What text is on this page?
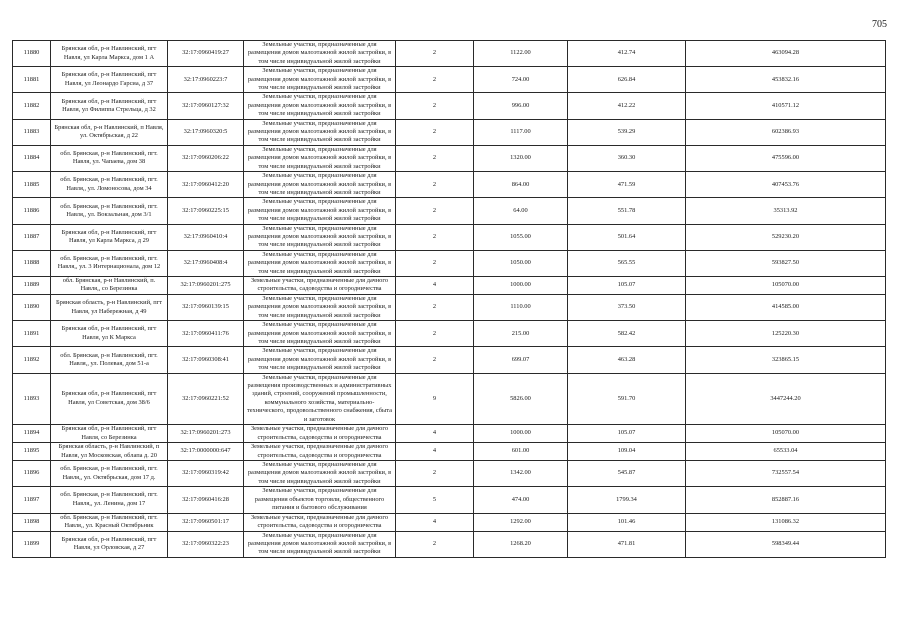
705
11880	Брянская обл, р-н Навлинский, пгт Навля, ул Карла Маркса, дом 1 А	32:17:0960419:27	Земельные участки, предназначенные для размещения домов малоэтажной жилой застройки, в том числе индивидуальной жилой застройки	2	1122.00	412.74	463094.28
11881	Брянская обл, р-н Навлинский, пгт Навля, ул Леонардо Гарсиа, д 37	32:17:0960223:7	Земельные участки, предназначенные для размещения домов малоэтажной жилой застройки, в том числе индивидуальной жилой застройки	2	724.00	626.84	453832.16
11882	Брянская обл, р-н Навлинский, пгт Навля, ул Филиппа Стрельца, д 32	32:17:0960127:32	Земельные участки, предназначенные для размещения домов малоэтажной жилой застройки, в том числе индивидуальной жилой застройки	2	996.00	412.22	410571.12
11883	Брянская обл, р-н Навлинский, п Навля, ул. Октябрьская, д 22	32:17:0960320:5	Земельные участки, предназначенные для размещения домов малоэтажной жилой застройки, в том числе индивидуальной жилой застройки	2	1117.00	539.29	602386.93
11884	обл. Брянская, р-н Навлинский, пгт. Навля, ул. Чапаева, дом 38	32:17:0960206:22	Земельные участки, предназначенные для размещения домов малоэтажной жилой застройки, в том числе индивидуальной жилой застройки	2	1320.00	360.30	475596.00
11885	обл. Брянская, р-н Навлинский, пгт. Навля,, ул. Ломоносова, дом 34	32:17:0960412:20	Земельные участки, предназначенные для размещения домов малоэтажной жилой застройки, в том числе индивидуальной жилой застройки	2	864.00	471.59	407453.76
11886	обл. Брянская, р-н Навлинский, пгт. Навля,, ул. Вокзальная, дом 3/1	32:17:0960225:15	Земельные участки, предназначенные для размещения домов малоэтажной жилой застройки, в том числе индивидуальной жилой застройки	2	64.00	551.78	35313.92
11887	Брянская обл, р-н Навлинский, пгт Навля, ул Карла Маркса, д 29	32:17:0960410:4	Земельные участки, предназначенные для размещения домов малоэтажной жилой застройки, в том числе индивидуальной жилой застройки	2	1055.00	501.64	529230.20
11888	обл. Брянская, р-н Навлинский, пгт. Навля,, ул. 3 Интернационала, дом 12	32:17:0960408:4	Земельные участки, предназначенные для размещения домов малоэтажной жилой застройки, в том числе индивидуальной жилой застройки	2	1050.00	565.55	593827.50
11889	обл. Брянская, р-н Навлинский, п. Навля,, со Березинка	32:17:0960201:275	Земельные участки, предназначенные для дачного строительства, садоводства и огородничества	4	1000.00	105.07	105070.00
11890	Брянская область, р-н Навлинский, пгт Навля, ул Набережная, д 49	32:17:0960139:15	Земельные участки, предназначенные для размещения домов малоэтажной жилой застройки, в том числе индивидуальной жилой застройки	2	1110.00	373.50	414585.00
11891	Брянская обл, р-н Навлинский, пгт Навля, ул К Маркса	32:17:0960411:76	Земельные участки, предназначенные для размещения домов малоэтажной жилой застройки, в том числе индивидуальной жилой застройки	2	215.00	582.42	125220.30
11892	обл. Брянская, р-н Навлинский, пгт. Навля,, ул. Полевая, дом 51-а	32:17:0960308:41	Земельные участки, предназначенные для размещения домов малоэтажной жилой застройки, в том числе индивидуальной жилой застройки	2	699.07	463.28	323865.15
11893	Брянская обл, р-н Навлинский, пгт Навля, ул Советская, дом 38/6	32:17:0960221:52	Земельные участки, предназначенные для размещения производственных и административных зданий, строений, сооружений промышленности, коммунального хозяйства, материально-технического, продовольственного снабжения, сбыта и заготовок	9	5826.00	591.70	3447244.20
11894	Брянская обл, р-н Навлинский, пгт Навля, со Березинка	32:17:0960201:273	Земельные участки, предназначенные для дачного строительства, садоводства и огородничества	4	1000.00	105.07	105070.00
11895	Брянская область, р-н Навлинский, п Навля, ул Московская, облапа д. 20	32:17:0000000:647	Земельные участки, предназначенные для дачного строительства, садоводства и огородничества	4	601.00	109.04	65533.04
11896	обл. Брянская, р-н Навлинский, пгт. Навля,, ул. Октябрьская, дом 17 д.	32:17:0960319:42	Земельные участки, предназначенные для размещения домов малоэтажной жилой застройки, в том числе индивидуальной жилой застройки	2	1342.00	545.87	732557.54
11897	обл. Брянская, р-н Навлинский, пгт. Навля,, ул. Ленина, дом 17	32:17:0960416:28	Земельные участки, предназначенные для размещения объектов торговли, общественного питания и бытового обслуживания	5	474.00	1799.34	852887.16
11898	обл. Брянская, р-н Навлинский, пгт. Навля,, ул. Красный Октябрьник	32:17:0960501:17	Земельные участки, предназначенные для дачного строительства, садоводства и огородничества	4	1292.00	101.46	131086.32
11899	Брянская обл, р-н Навлинский, пгт Навля, ул Орловская, д 27	32:17:0960322:23	Земельные участки, предназначенные для размещения домов малоэтажной жилой застройки, в том числе индивидуальной жилой застройки	2	1268.20	471.81	598349.44
